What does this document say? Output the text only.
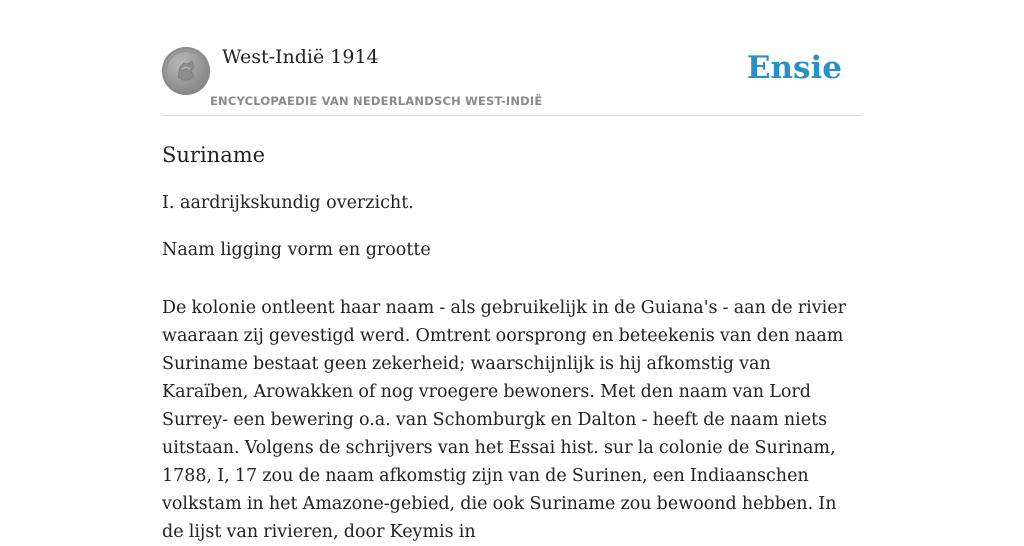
West-Indië 1914
ENCYCLOPAEDIE VAN NEDERLANDSCH WEST-INDIË
Ensie
Suriname

I. aardrijkskundig overzicht.

Naam ligging vorm en grootte

De kolonie ontleent haar naam - als gebruikelijk in de Guiana's - aan de rivier waaraan zij gevestigd werd. Omtrent oorsprong en beteekenis van den naam Suriname bestaat geen zekerheid; waarschijnlijk is hij afkomstig van Karaïben, Arowakken of nog vroegere bewoners. Met den naam van Lord Surrey- een bewering o.a. van Schomburgk en Dalton - heeft de naam niets uitstaan. Volgens de schrijvers van het Essai hist. sur la colonie de Surinam, 1788, I, 17 zou de naam afkomstig zijn van de Surinen, een Indiaanschen volkstam in het Amazone-gebied, die ook Suriname zou bewoond hebben. In de lijst van rivieren, door Keymis in
